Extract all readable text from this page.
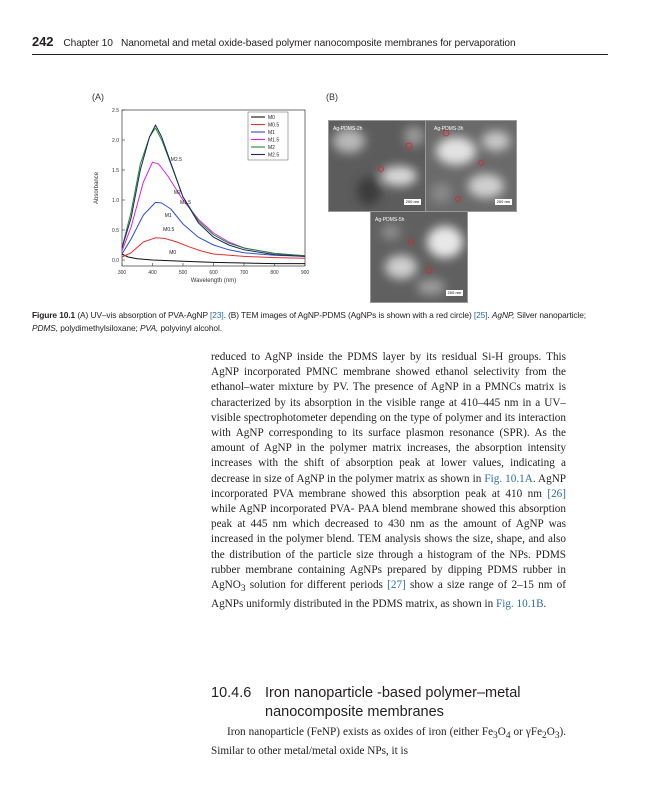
242 Chapter 10   Nanometal and metal oxide-based polymer nanocomposite membranes for pervaporation
(A)	(B)
300	400	500	600	700	800	900
0.0
0.5
1.0
1.5
2.0
2.5
Wavelength (nm)
Absorbance
M2.5
M2
M1.5
M1
M0.5
M0
M0
M0.5
M1
M1.5
M2
M2.5
Ag-PDMS-2h
200 nm
Ag-PDMS-3h
200 nm
Ag-PDMS-5h
200 nm
Figure 10.1 (A) UV–vis absorption of PVA-AgNP [23]. (B) TEM images of AgNP-PDMS (AgNPs is shown with a red circle) [25]. AgNP, Silver nanoparticle; PDMS, polydimethylsiloxane; PVA, polyvinyl alcohol.
reduced to AgNP inside the PDMS layer by its residual Si-H groups. This AgNP incorporated PMNC membrane showed ethanol selectivity from the ethanol–water mixture by PV. The presence of AgNP in a PMNCs matrix is characterized by its absorption in the visible range at 410–445 nm in a UV–visible spectrophotometer depending on the type of polymer and its interaction with AgNP corresponding to its surface plasmon resonance (SPR). As the amount of AgNP in the polymer matrix increases, the absorption intensity increases with the shift of absorption peak at lower values, indicating a decrease in size of AgNP in the polymer matrix as shown in Fig. 10.1A. AgNP incorporated PVA membrane showed this absorption peak at 410 nm [26] while AgNP incorporated PVA- PAA blend membrane showed this absorption peak at 445 nm which decreased to 430 nm as the amount of AgNP was increased in the polymer blend. TEM analysis shows the size, shape, and also the distribution of the particle size through a histogram of the NPs. PDMS rubber membrane containing AgNPs prepared by dipping PDMS rubber in AgNO$_3$ solution for different periods [27] show a size range of 2–15 nm of AgNPs uniformly distributed in the PDMS matrix, as shown in Fig. 10.1B.
10.4.6 Iron nanoparticle -based polymer–metal
nanocomposite membranes
Iron nanoparticle (FeNP) exists as oxides of iron (either $Fe_3O_4$ or $\gamma Fe_2O_3$). Similar to other metal/metal oxide NPs, it is
